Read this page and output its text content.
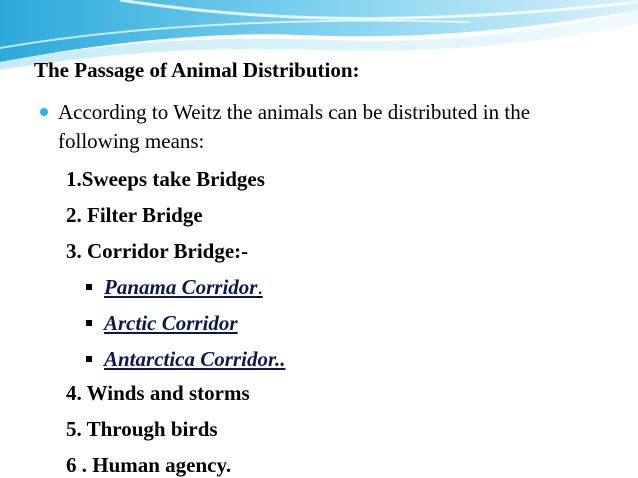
The Passage of Animal Distribution:
According to Weitz the animals can be distributed in the following means:
1.Sweeps take Bridges
2. Filter Bridge
3. Corridor Bridge:-
Panama Corridor.
Arctic Corridor
Antarctica Corridor..
4. Winds and storms
5. Through birds
6 . Human agency.
